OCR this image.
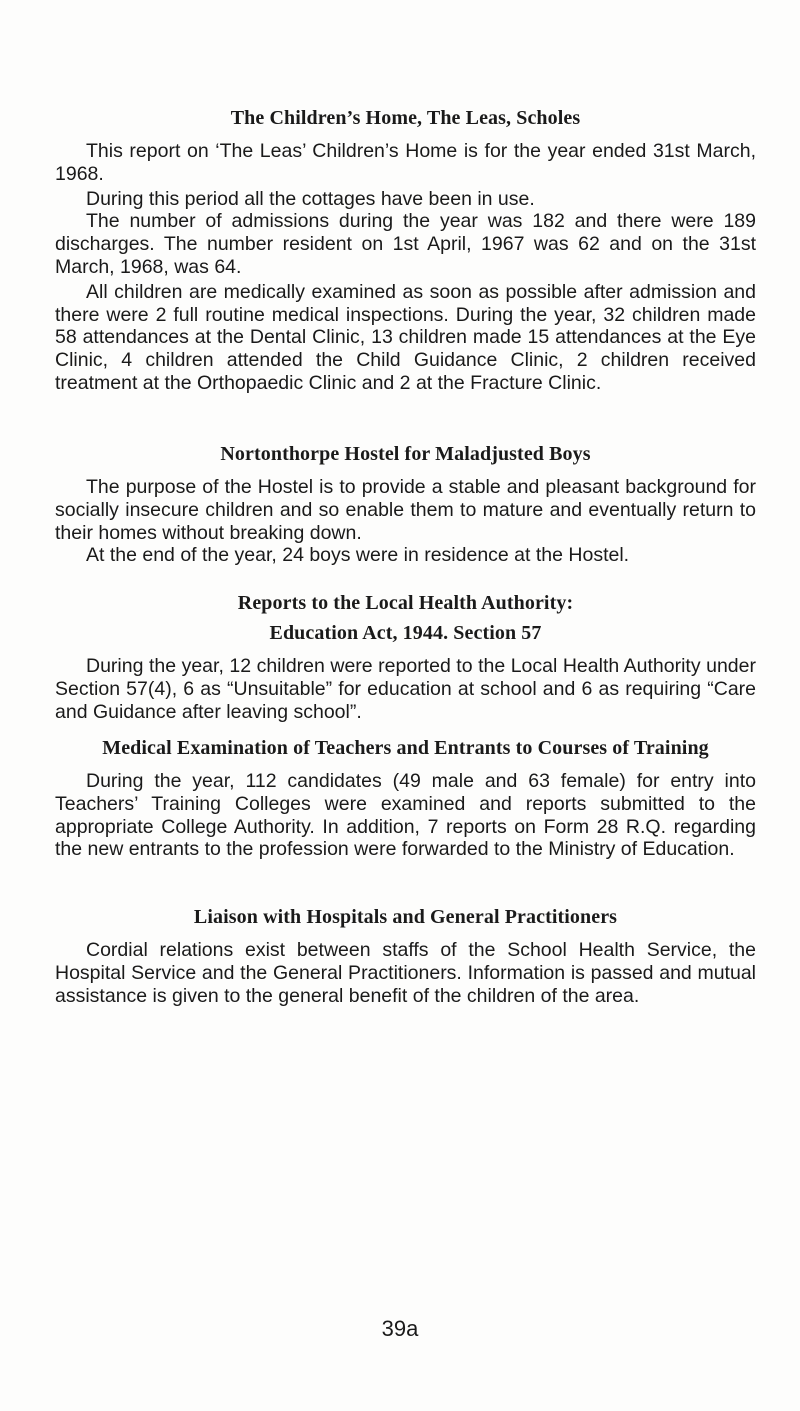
The Children’s Home, The Leas, Scholes

This report on ‘The Leas’ Children’s Home is for the year ended 31st March, 1968.

During this period all the cottages have been in use.

The number of admissions during the year was 182 and there were 189 discharges. The number resident on 1st April, 1967 was 62 and on the 31st March, 1968, was 64.

All children are medically examined as soon as possible after admission and there were 2 full routine medical inspections. During the year, 32 children made 58 attendances at the Dental Clinic, 13 children made 15 attendances at the Eye Clinic, 4 children attended the Child Guidance Clinic, 2 children received treatment at the Orthopaedic Clinic and 2 at the Fracture Clinic.

Nortonthorpe Hostel for Maladjusted Boys

The purpose of the Hostel is to provide a stable and pleasant background for socially insecure children and so enable them to mature and eventually return to their homes without breaking down.

At the end of the year, 24 boys were in residence at the Hostel.

Reports to the Local Health Authority:
Education Act, 1944. Section 57

During the year, 12 children were reported to the Local Health Authority under Section 57(4), 6 as “Unsuitable” for education at school and 6 as requiring “Care and Guidance after leaving school”.

Medical Examination of Teachers and Entrants to Courses of Training

During the year, 112 candidates (49 male and 63 female) for entry into Teachers’ Training Colleges were examined and reports submitted to the appropriate College Authority. In addition, 7 reports on Form 28 R.Q. regarding the new entrants to the profession were forwarded to the Ministry of Education.

Liaison with Hospitals and General Practitioners

Cordial relations exist between staffs of the School Health Service, the Hospital Service and the General Practitioners. Information is passed and mutual assistance is given to the general benefit of the children of the area.

39a
